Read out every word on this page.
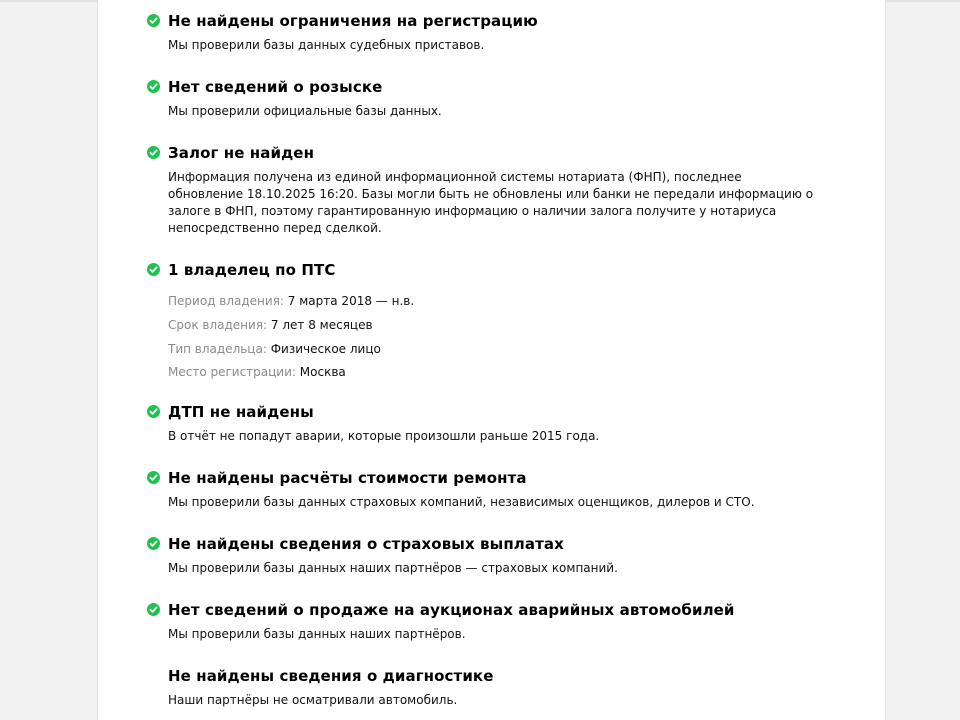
Не найдены ограничения на регистрацию
Мы проверили базы данных судебных приставов.
Нет сведений о розыске
Мы проверили официальные базы данных.
Залог не найден
Информация получена из единой информационной системы нотариата (ФНП), последнее
обновление 18.10.2025 16:20. Базы могли быть не обновлены или банки не передали информацию о
залоге в ФНП, поэтому гарантированную информацию о наличии залога получите у нотариуса
непосредственно перед сделкой.
1 владелец по ПТС
Период владения: 7 марта 2018 — н.в.
Срок владения: 7 лет 8 месяцев
Тип владельца: Физическое лицо
Место регистрации: Москва
ДТП не найдены
В отчёт не попадут аварии, которые произошли раньше 2015 года.
Не найдены расчёты стоимости ремонта
Мы проверили базы данных страховых компаний, независимых оценщиков, дилеров и СТО.
Не найдены сведения о страховых выплатах
Мы проверили базы данных наших партнёров — страховых компаний.
Нет сведений о продаже на аукционах аварийных автомобилей
Мы проверили базы данных наших партнёров.
Не найдены сведения о диагностике
Наши партнёры не осматривали автомобиль.
